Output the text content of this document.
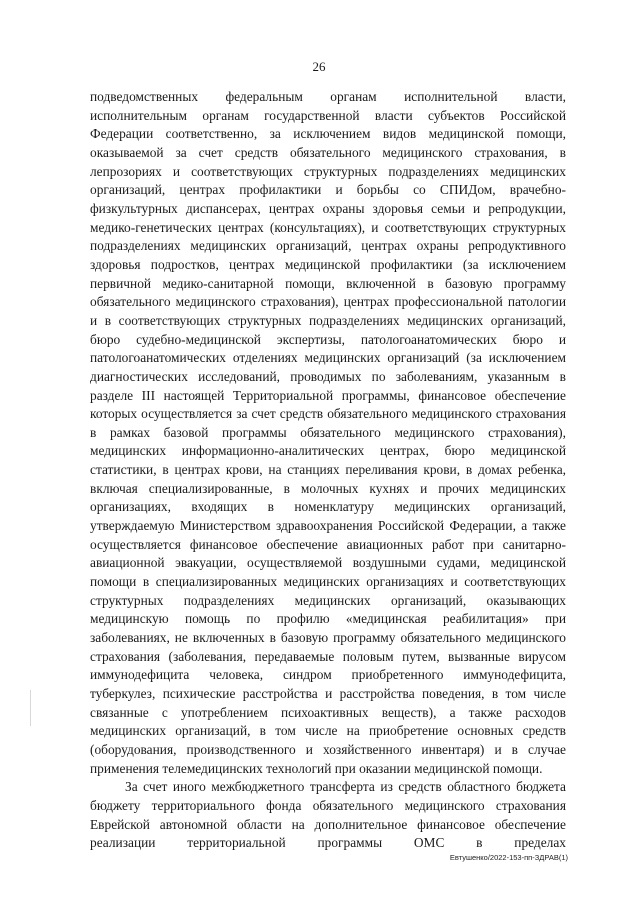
26

подведомственных федеральным органам исполнительной власти, исполнительным органам государственной власти субъектов Российской Федерации соответственно, за исключением видов медицинской помощи, оказываемой за счет средств обязательного медицинского страхования, в лепрозориях и соответствующих структурных подразделениях медицинских организаций, центрах профилактики и борьбы со СПИДом, врачебно-физкультурных диспансерах, центрах охраны здоровья семьи и репродукции, медико-генетических центрах (консультациях), и соответствующих структурных подразделениях медицинских организаций, центрах охраны репродуктивного здоровья подростков, центрах медицинской профилактики (за исключением первичной медико-санитарной помощи, включенной в базовую программу обязательного медицинского страхования), центрах профессиональной патологии и в соответствующих структурных подразделениях медицинских организаций, бюро судебно-медицинской экспертизы, патологоанатомических бюро и патологоанатомических отделениях медицинских организаций (за исключением диагностических исследований, проводимых по заболеваниям, указанным в разделе III настоящей Территориальной программы, финансовое обеспечение которых осуществляется за счет средств обязательного медицинского страхования в рамках базовой программы обязательного медицинского страхования), медицинских информационно-аналитических центрах, бюро медицинской статистики, в центрах крови, на станциях переливания крови, в домах ребенка, включая специализированные, в молочных кухнях и прочих медицинских организациях, входящих в номенклатуру медицинских организаций, утверждаемую Министерством здравоохранения Российской Федерации, а также осуществляется финансовое обеспечение авиационных работ при санитарно-авиационной эвакуации, осуществляемой воздушными судами, медицинской помощи в специализированных медицинских организациях и соответствующих структурных подразделениях медицинских организаций, оказывающих медицинскую помощь по профилю «медицинская реабилитация» при заболеваниях, не включенных в базовую программу обязательного медицинского страхования (заболевания, передаваемые половым путем, вызванные вирусом иммунодефицита человека, синдром приобретенного иммунодефицита, туберкулез, психические расстройства и расстройства поведения, в том числе связанные с употреблением психоактивных веществ), а также расходов медицинских организаций, в том числе на приобретение основных средств (оборудования, производственного и хозяйственного инвентаря) и в случае применения телемедицинских технологий при оказании медицинской помощи.

За счет иного межбюджетного трансферта из средств областного бюджета бюджету территориального фонда обязательного медицинского страхования Еврейской автономной области на дополнительное финансовое обеспечение реализации территориальной программы ОМС в пределах

Евтушенко/2022-153-пп-ЗДРАВ(1)
